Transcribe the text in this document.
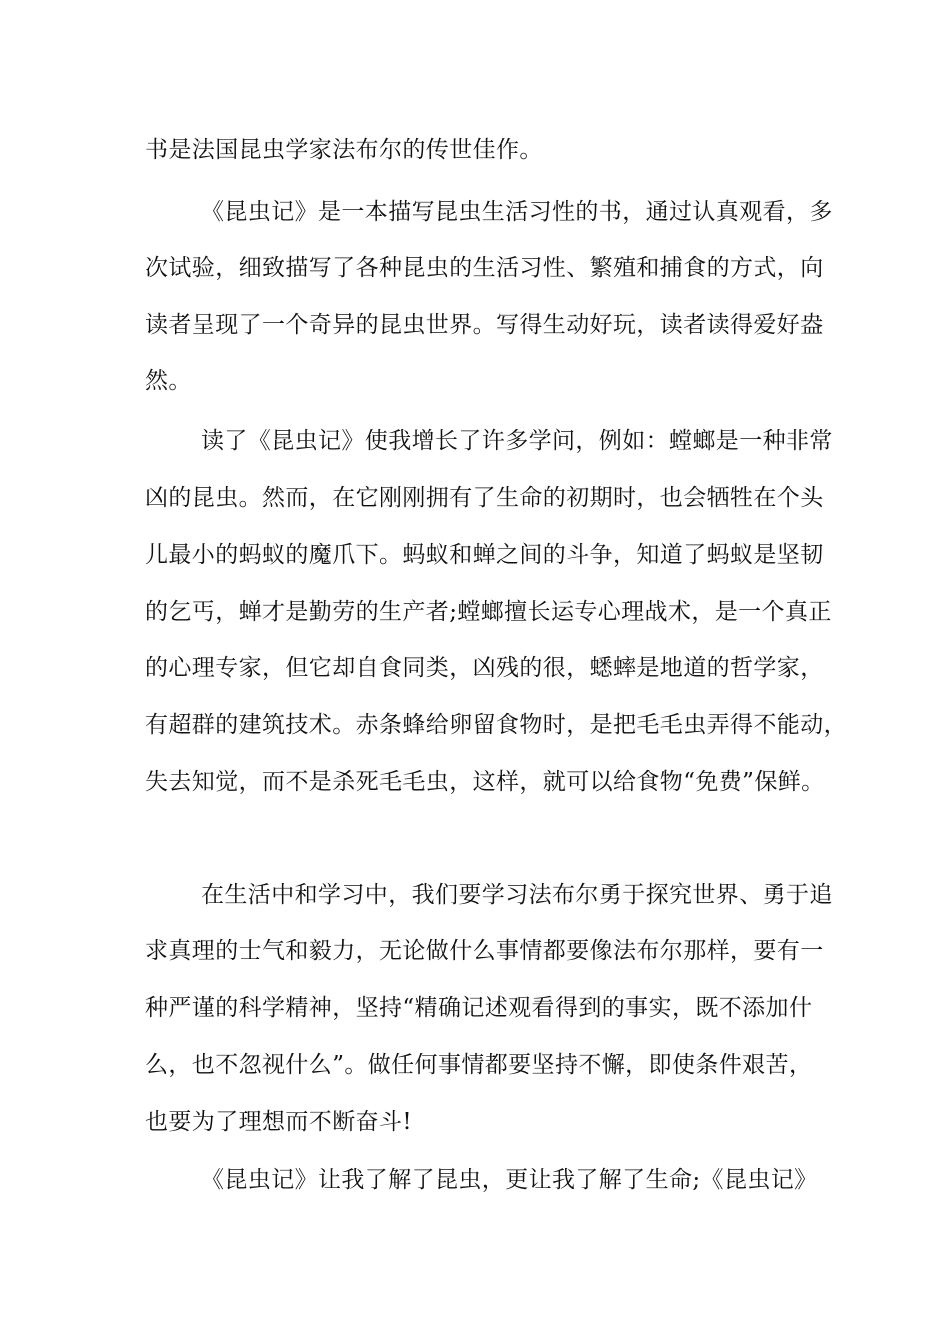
书是法国昆虫学家法布尔的传世佳作。
《昆虫记》是一本描写昆虫生活习性的书，通过认真观看，多
次试验，细致描写了各种昆虫的生活习性、繁殖和捕食的方式，向
读者呈现了一个奇异的昆虫世界。写得生动好玩，读者读得爱好盎
然。
读了《昆虫记》使我增长了许多学问，例如：螳螂是一种非常
凶的昆虫。然而，在它刚刚拥有了生命的初期时，也会牺牲在个头
儿最小的蚂蚁的魔爪下。蚂蚁和蝉之间的斗争，知道了蚂蚁是坚韧
的乞丐，蝉才是勤劳的生产者;螳螂擅长运专心理战术，是一个真正
的心理专家，但它却自食同类，凶残的很，蟋蟀是地道的哲学家，
有超群的建筑技术。赤条蜂给卵留食物时，是把毛毛虫弄得不能动，
失去知觉，而不是杀死毛毛虫，这样，就可以给食物“免费”保鲜。
在生活中和学习中，我们要学习法布尔勇于探究世界、勇于追
求真理的士气和毅力，无论做什么事情都要像法布尔那样，要有一
种严谨的科学精神，坚持“精确记述观看得到的事实，既不添加什
么，也不忽视什么”。做任何事情都要坚持不懈，即使条件艰苦，
也要为了理想而不断奋斗!
《昆虫记》让我了解了昆虫，更让我了解了生命;《昆虫记》
